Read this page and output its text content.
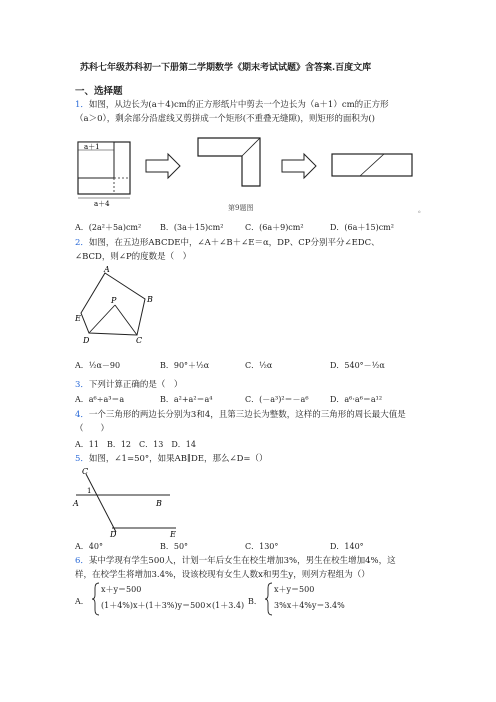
苏科七年级苏科初一下册第二学期数学《期末考试试题》含答案.百度文库
一、选择题
1．如图，从边长为(a＋4)cm的正方形纸片中剪去一个边长为（a＋1）cm的正方形
（a＞0），剩余部分沿虚线又剪拼成一个矩形(不重叠无缝隙)，则矩形的面积为()
a＋1
a＋4	第9题图	。
A．(2a²＋5a)cm² B．(3a＋15)cm²	C．(6a＋9)cm²	D．(6a＋15)cm²
2．如图，在五边形ABCDE中，∠A＋∠B＋∠E＝α，DP、CP分别平分∠EDC、
∠BCD，则∠P的度数是（　）
A
B
P
E
D	C
A．½α－90	B．90°＋½α	C．½α	D．540°－½α
3．下列计算正确的是（　）
A．a⁶÷a³＝a	B．a²+a²＝a⁴	C．(－a³)²＝－a⁶	D．a⁶·a⁶＝a¹²
4．一个三角形的两边长分别为3和4，且第三边长为整数，这样的三角形的周长最大值是
（　　）
A．11　B．12　C．13　D．14
5．如图，∠1=50°，如果AB∥DE，那么∠D=（）
C
1
A	B
D	E
A．40°	B．50°	C．130°	D．140°
6．某中学现有学生500人，计划一年后女生在校生增加3%，男生在校生增加4%，这
样，在校学生将增加3.4%，设该校现有女生人数x和男生y，则列方程组为（）
A．
x＋y＝500
(1＋4%)x＋(1＋3%)y＝500×(1＋3.4) B．
x＋y＝500
3%x＋4%y＝3.4%
